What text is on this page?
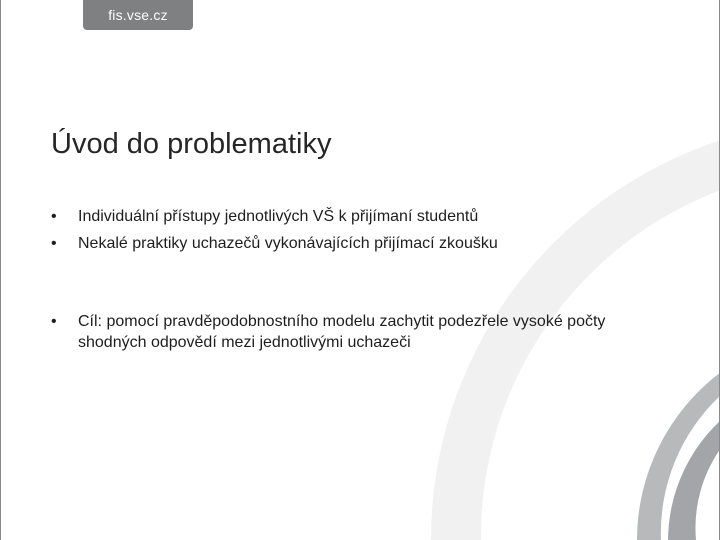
fis.vse.cz
Úvod do problematiky
• Individuální přístupy jednotlivých VŠ k přijímaní studentů
• Nekalé praktiky uchazečů vykonávajících přijímací zkoušku
• Cíl: pomocí pravděpodobnostního modelu zachytit podezřele vysoké počty shodných odpovědí mezi jednotlivými uchazeči
